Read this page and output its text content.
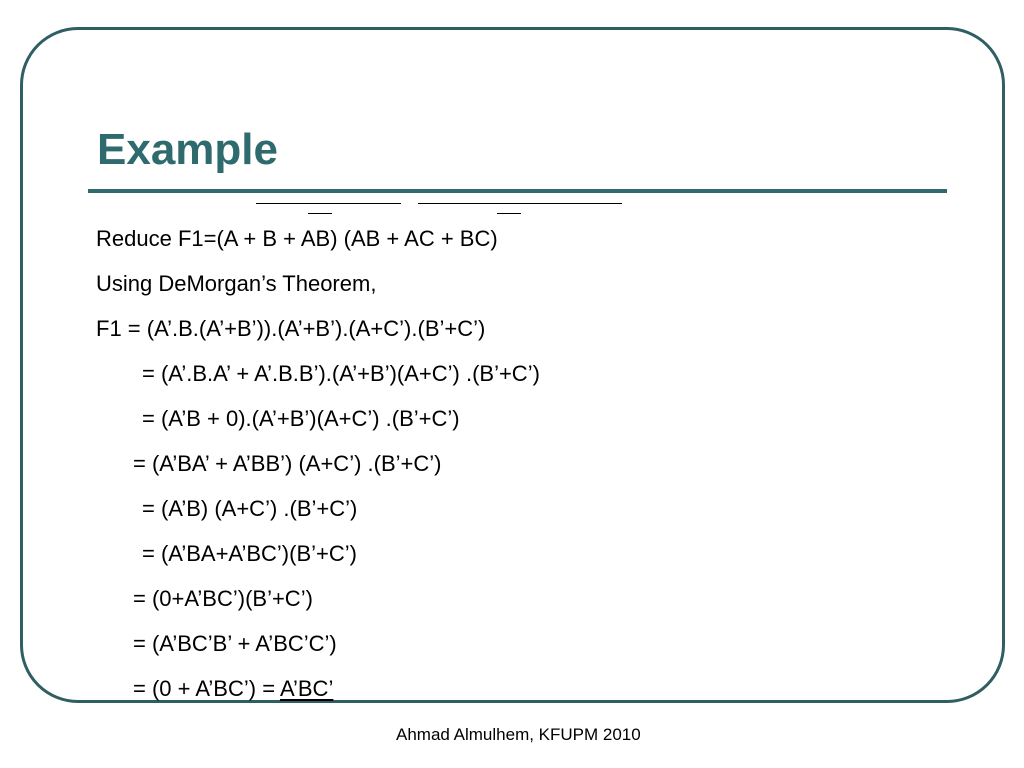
Example
Reduce F1=(A + B + AB) (AB + AC + BC)
Using DeMorgan’s Theorem,
F1 = (A’.B.(A’+B’)).(A’+B’).(A+C’).(B’+C’)
= (A’.B.A’ + A’.B.B’).(A’+B’)(A+C’) .(B’+C’)
= (A’B + 0).(A’+B’)(A+C’) .(B’+C’)
= (A’BA’ + A’BB’) (A+C’) .(B’+C’)
= (A’B) (A+C’) .(B’+C’)
= (A’BA+A’BC’)(B’+C’)
= (0+A’BC’)(B’+C’)
= (A’BC’B’ + A’BC’C’)
= (0 + A’BC’) = A’BC’
Ahmad Almulhem, KFUPM 2010
